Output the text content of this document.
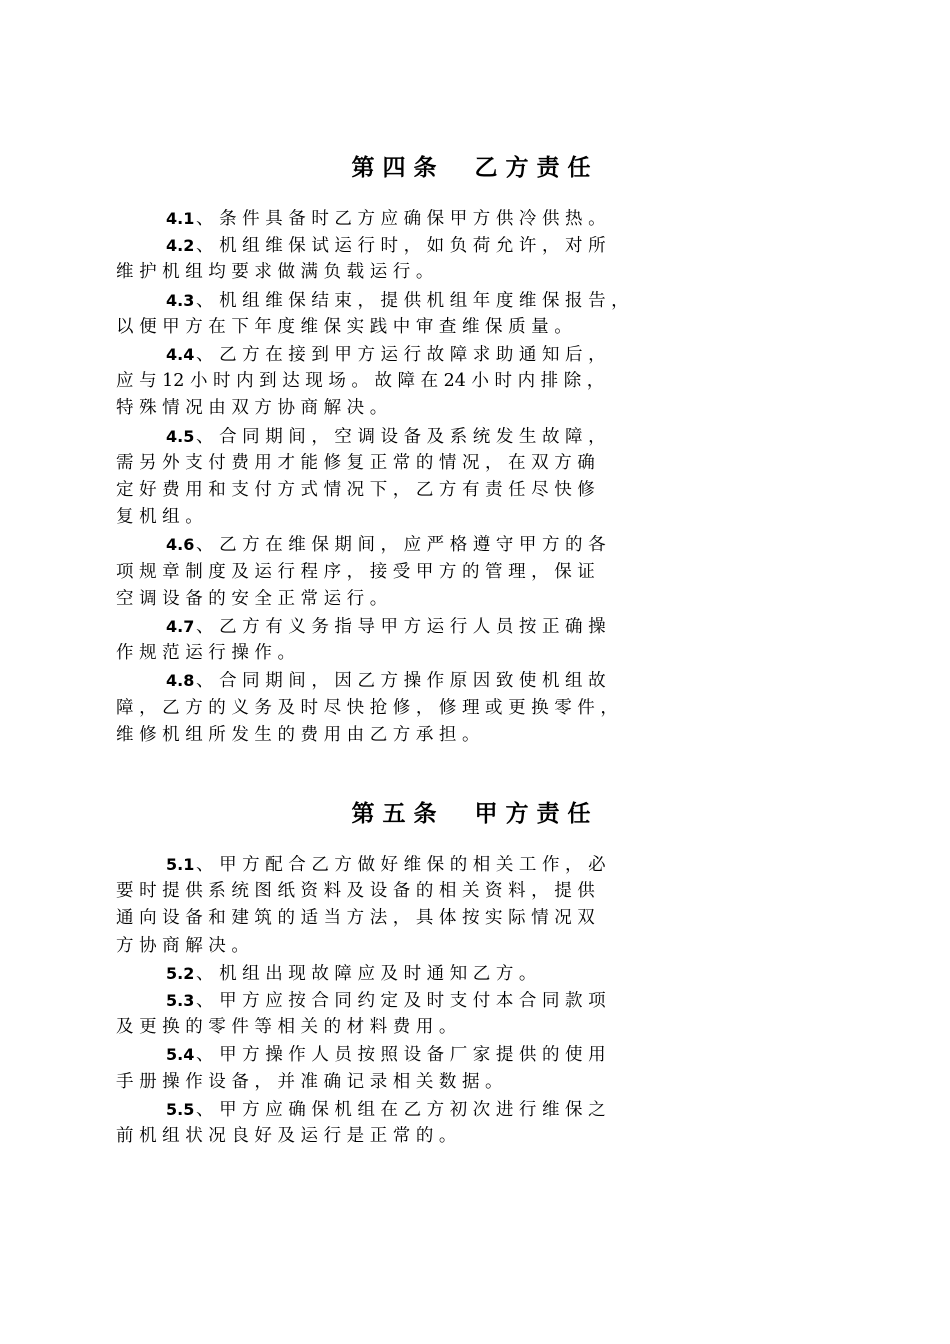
第四条 乙方责任
4.1、 条 件 具 备 时 乙 方 应 确 保 甲 方 供 冷 供 热 。
4.2、 机 组 维 保 试 运 行 时 ， 如 负 荷 允 许 ， 对 所
维 护 机 组 均 要 求 做 满 负 载 运 行 。
4.3、 机 组 维 保 结 束 ， 提 供 机 组 年 度 维 保 报 告 ，
以 便 甲 方 在 下 年 度 维 保 实 践 中 审 查 维 保 质 量 。
4.4、 乙 方 在 接 到 甲 方 运 行 故 障 求 助 通 知 后 ，
应 与 12 小 时 内 到 达 现 场 。 故 障 在 24 小 时 内 排 除 ，
特 殊 情 况 由 双 方 协 商 解 决 。
4.5、 合 同 期 间 ， 空 调 设 备 及 系 统 发 生 故 障 ，
需 另 外 支 付 费 用 才 能 修 复 正 常 的 情 况 ， 在 双 方 确
定 好 费 用 和 支 付 方 式 情 况 下 ， 乙 方 有 责 任 尽 快 修
复 机 组 。
4.6、 乙 方 在 维 保 期 间 ， 应 严 格 遵 守 甲 方 的 各
项 规 章 制 度 及 运 行 程 序 ， 接 受 甲 方 的 管 理 ， 保 证
空 调 设 备 的 安 全 正 常 运 行 。
4.7、 乙 方 有 义 务 指 导 甲 方 运 行 人 员 按 正 确 操
作 规 范 运 行 操 作 。
4.8、 合 同 期 间 ， 因 乙 方 操 作 原 因 致 使 机 组 故
障 ， 乙 方 的 义 务 及 时 尽 快 抢 修 ， 修 理 或 更 换 零 件 ，
维 修 机 组 所 发 生 的 费 用 由 乙 方 承 担 。
第五条 甲方责任
5.1、 甲 方 配 合 乙 方 做 好 维 保 的 相 关 工 作 ， 必
要 时 提 供 系 统 图 纸 资 料 及 设 备 的 相 关 资 料 ， 提 供
通 向 设 备 和 建 筑 的 适 当 方 法 ， 具 体 按 实 际 情 况 双
方 协 商 解 决 。
5.2、 机 组 出 现 故 障 应 及 时 通 知 乙 方 。
5.3、 甲 方 应 按 合 同 约 定 及 时 支 付 本 合 同 款 项
及 更 换 的 零 件 等 相 关 的 材 料 费 用 。
5.4、 甲 方 操 作 人 员 按 照 设 备 厂 家 提 供 的 使 用
手 册 操 作 设 备 ， 并 准 确 记 录 相 关 数 据 。
5.5、 甲 方 应 确 保 机 组 在 乙 方 初 次 进 行 维 保 之
前 机 组 状 况 良 好 及 运 行 是 正 常 的 。
